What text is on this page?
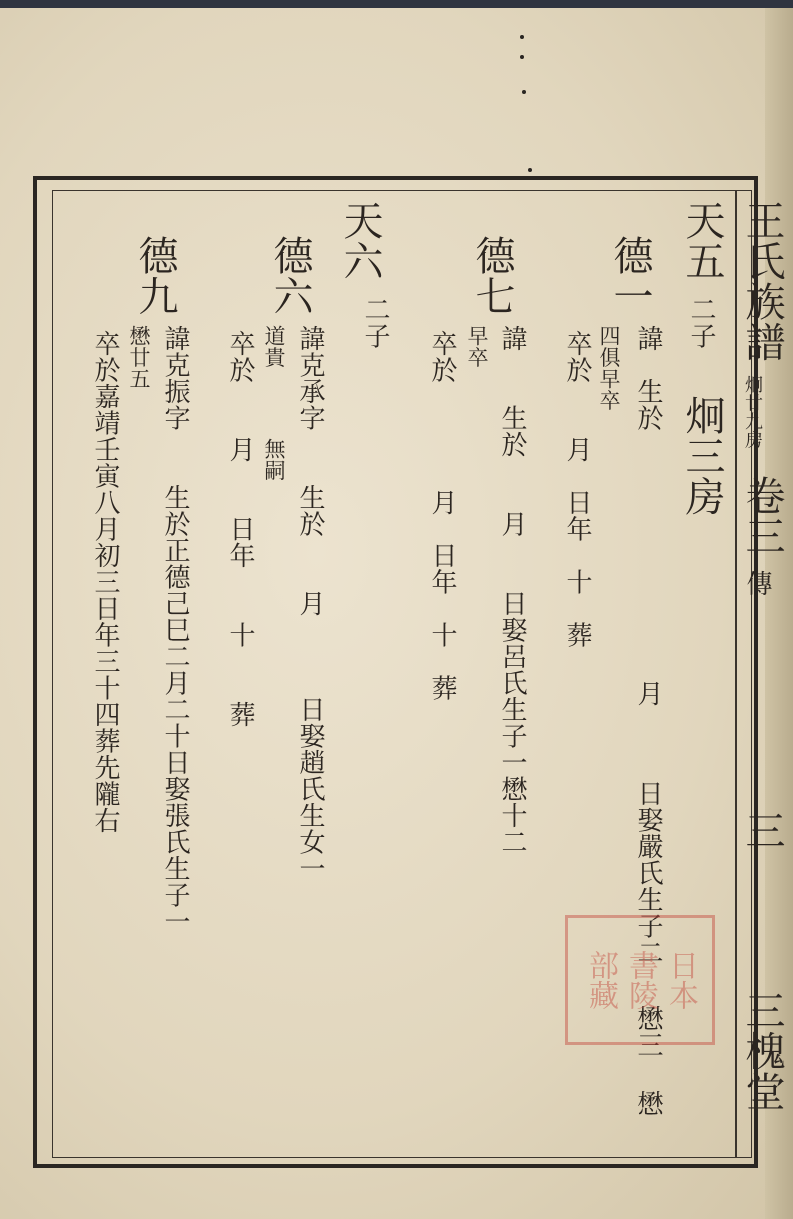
王氏族譜
炯廿九房
卷三
傳
三
三槐堂
天五
二子
炯三房
德一
諱　生於
月
日娶嚴氏生子二
懋三
懋
四俱早卒
卒於　　月　日年　十　葬
德七
諱　　生於　　月　　日娶呂氏生子一懋十二
早卒
卒於　　　　月　日年　十　葬
天六
二子
德六
諱克承字　　生於　　月　　　日娶趙氏生女一
道貴
無嗣
卒於　　月　　日年　　十　　葬
德九
諱克振字　　生於正德己巳二月二十日娶張氏生子一
懋廿五
卒於嘉靖壬寅八月初三日年三十四葬先隴右
部藏 書陵 日本
